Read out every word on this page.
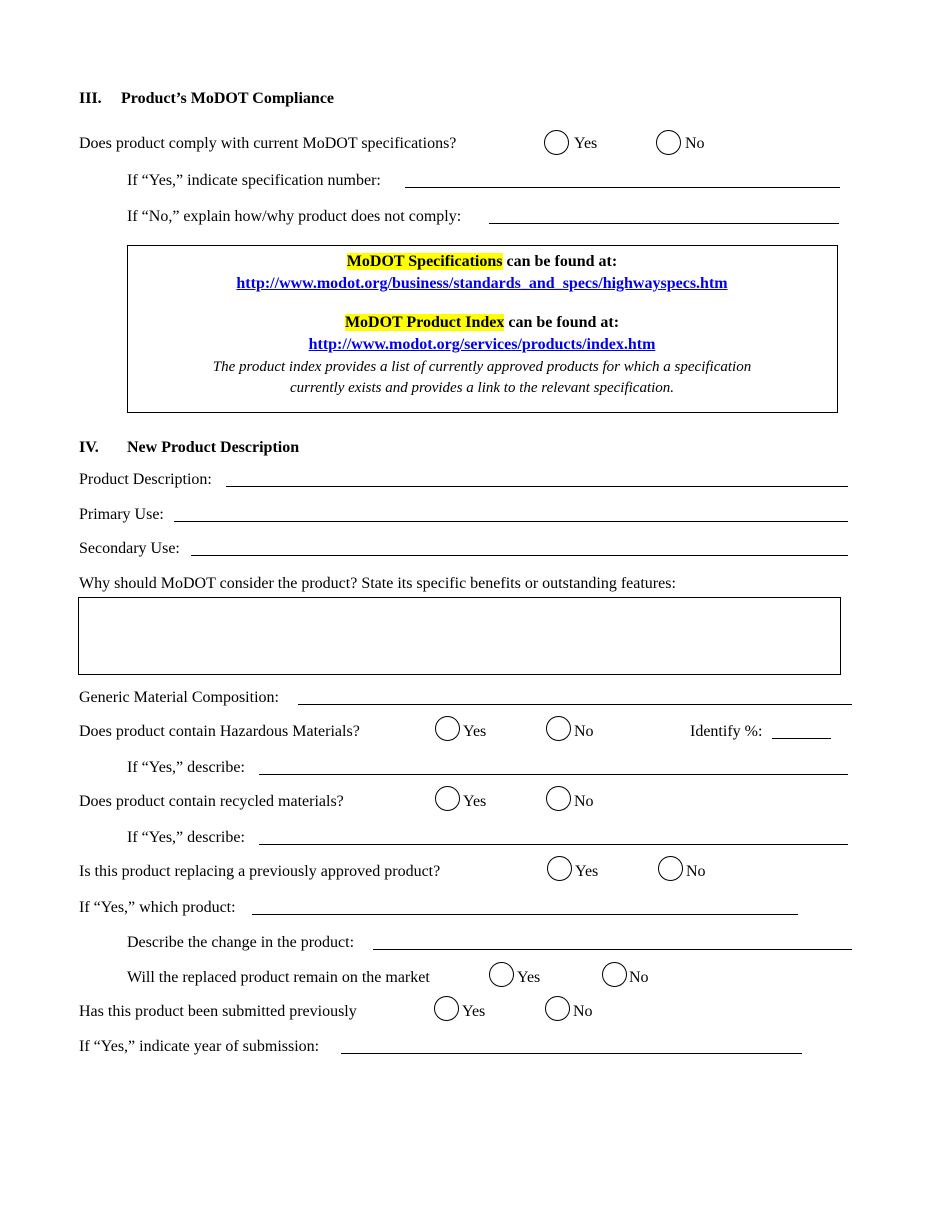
III. Product’s MoDOT Compliance
Does product comply with current MoDOT specifications?	Yes	No
If “Yes,” indicate specification number:
If “No,” explain how/why product does not comply:
MoDOT Specifications can be found at:
http://www.modot.org/business/standards_and_specs/highwayspecs.htm
MoDOT Product Index can be found at:
http://www.modot.org/services/products/index.htm
The product index provides a list of currently approved products for which a specification
currently exists and provides a link to the relevant specification.
IV. New Product Description
Product Description:
Primary Use:
Secondary Use:
Why should MoDOT consider the product? State its specific benefits or outstanding features:
Generic Material Composition:
Does product contain Hazardous Materials?	Yes	No	Identify %:
If “Yes,” describe:
Does product contain recycled materials?	Yes	No
If “Yes,” describe:
Is this product replacing a previously approved product?	Yes	No
If “Yes,” which product:
Describe the change in the product:
Will the replaced product remain on the market	Yes	No
Has this product been submitted previously	Yes	No
If “Yes,” indicate year of submission:
